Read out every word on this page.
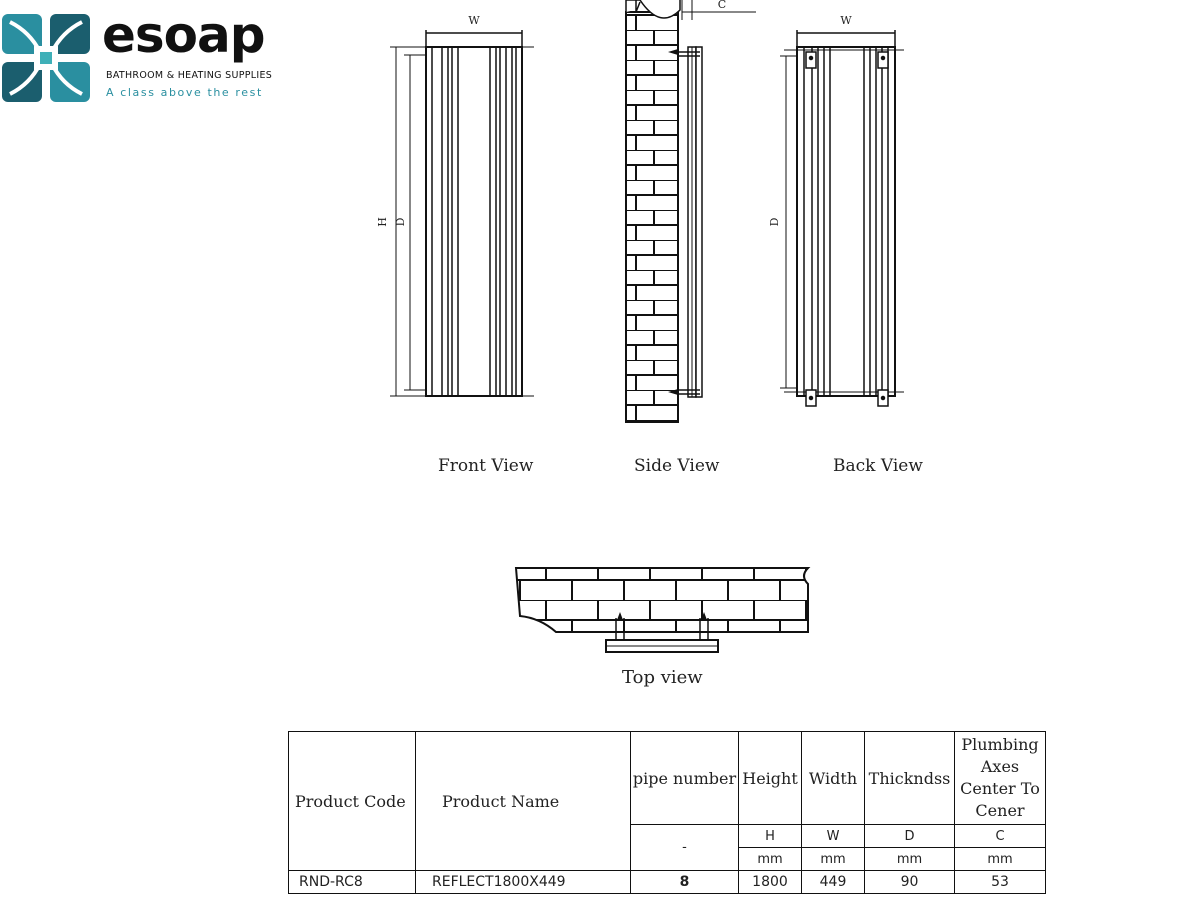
esoap
BATHROOM & HEATING SUPPLIES
A class above the rest
W
H D
C
W
D
Front View	Side View	Back View
Top view
Product Code	Product Name	pipe number	Height	Width	Thickndss	Plumbing
Axes
Center To
Cener

		-	H	W	D	C
			mm	mm	mm	mm
RND-RC8	REFLECT1800X449	8	1800	449	90	53
